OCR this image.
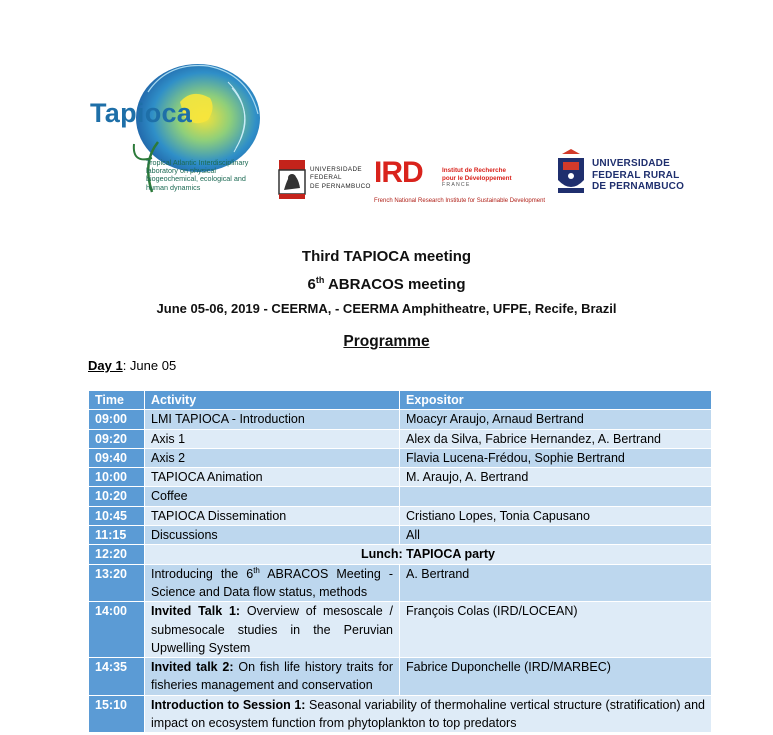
Tapioca
Tropical Atlantic Interdisciplinary laboratory on physical biogeochemical, ecological and human dynamics
UNIVERSIDADE
FEDERAL
DE PERNAMBUCO IRD	Institut de Recherche
pour le Développement
FRANCE
French National Research Institute for Sustainable Development
UNIVERSIDADE
FEDERAL RURAL
DE PERNAMBUCO
Third TAPIOCA meeting
6th ABRACOS meeting
June 05-06, 2019 - CEERMA, - CEERMA Amphitheatre, UFPE, Recife, Brazil
Programme
Day 1: June 05
Time	Activity	Expositor
09:00	LMI TAPIOCA - Introduction	Moacyr Araujo, Arnaud Bertrand
09:20	Axis 1	Alex da Silva, Fabrice Hernandez, A. Bertrand
09:40	Axis 2	Flavia Lucena-Frédou, Sophie Bertrand
10:00	TAPIOCA Animation	M. Araujo, A. Bertrand
10:20	Coffee	
10:45	TAPIOCA Dissemination	Cristiano Lopes, Tonia Capusano
11:15	Discussions	All
12:20	Lunch: TAPIOCA party	
13:20	Introducing the 6th ABRACOS Meeting - Science and Data flow status, methods	A. Bertrand
14:00	Invited Talk 1: Overview of mesoscale / submesocale studies in the Peruvian Upwelling System	François Colas (IRD/LOCEAN)
14:35	Invited talk 2: On fish life history traits for fisheries management and conservation	Fabrice Duponchelle (IRD/MARBEC)
15:10	Introduction to Session 1: Seasonal variability of thermohaline vertical structure (stratification) and impact on ecosystem function from phytoplankton to top predators	
